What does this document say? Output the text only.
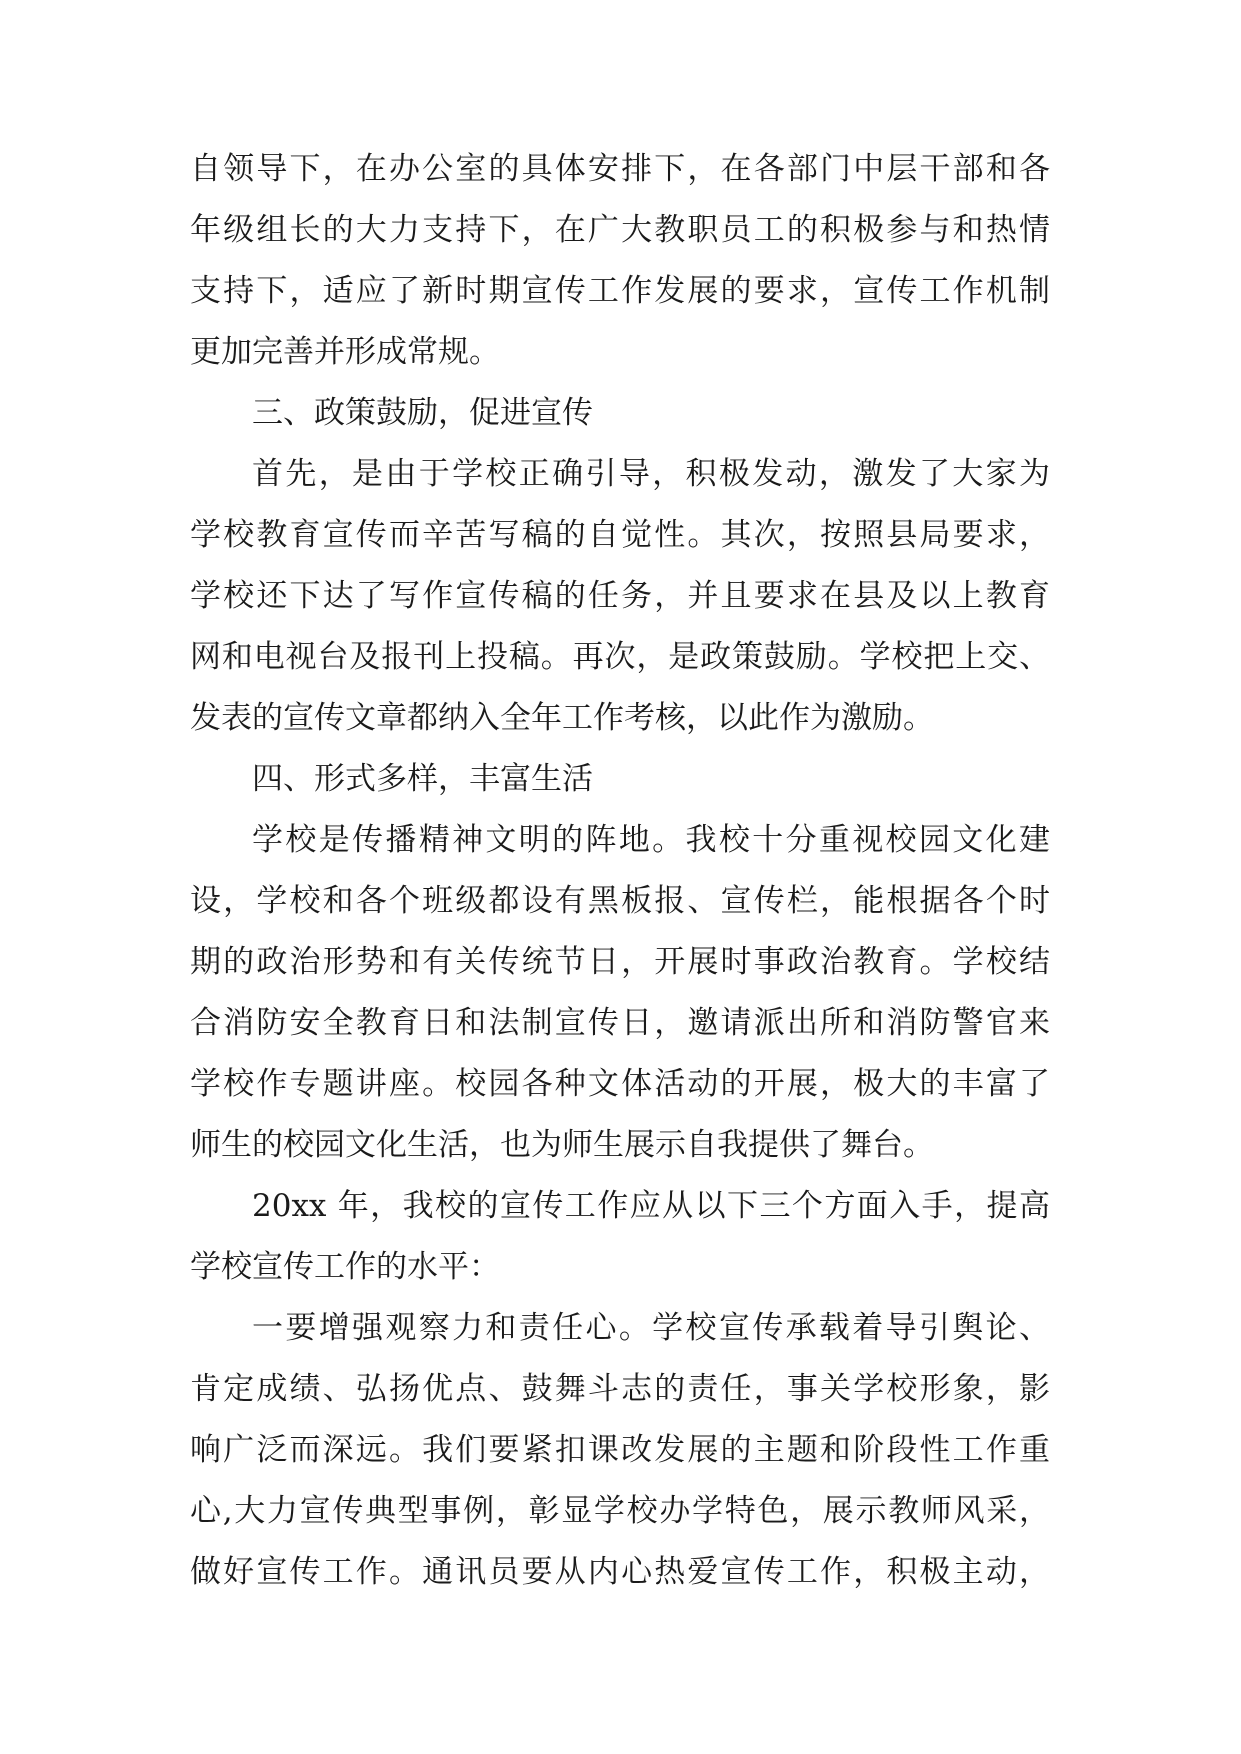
自领导下，在办公室的具体安排下，在各部门中层干部和各
年级组长的大力支持下，在广大教职员工的积极参与和热情
支持下，适应了新时期宣传工作发展的要求，宣传工作机制
更加完善并形成常规。
三、政策鼓励，促进宣传
首先，是由于学校正确引导，积极发动，激发了大家为
学校教育宣传而辛苦写稿的自觉性。其次，按照县局要求，
学校还下达了写作宣传稿的任务，并且要求在县及以上教育
网和电视台及报刊上投稿。再次，是政策鼓励。学校把上交、
发表的宣传文章都纳入全年工作考核，以此作为激励。
四、形式多样，丰富生活
学校是传播精神文明的阵地。我校十分重视校园文化建
设，学校和各个班级都设有黑板报、宣传栏，能根据各个时
期的政治形势和有关传统节日，开展时事政治教育。学校结
合消防安全教育日和法制宣传日，邀请派出所和消防警官来
学校作专题讲座。校园各种文体活动的开展，极大的丰富了
师生的校园文化生活，也为师生展示自我提供了舞台。
20xx 年，我校的宣传工作应从以下三个方面入手，提高
学校宣传工作的水平：
一要增强观察力和责任心。学校宣传承载着导引舆论、
肯定成绩、弘扬优点、鼓舞斗志的责任，事关学校形象，影
响广泛而深远。我们要紧扣课改发展的主题和阶段性工作重
心,大力宣传典型事例，彰显学校办学特色，展示教师风采，
做好宣传工作。通讯员要从内心热爱宣传工作，积极主动，
